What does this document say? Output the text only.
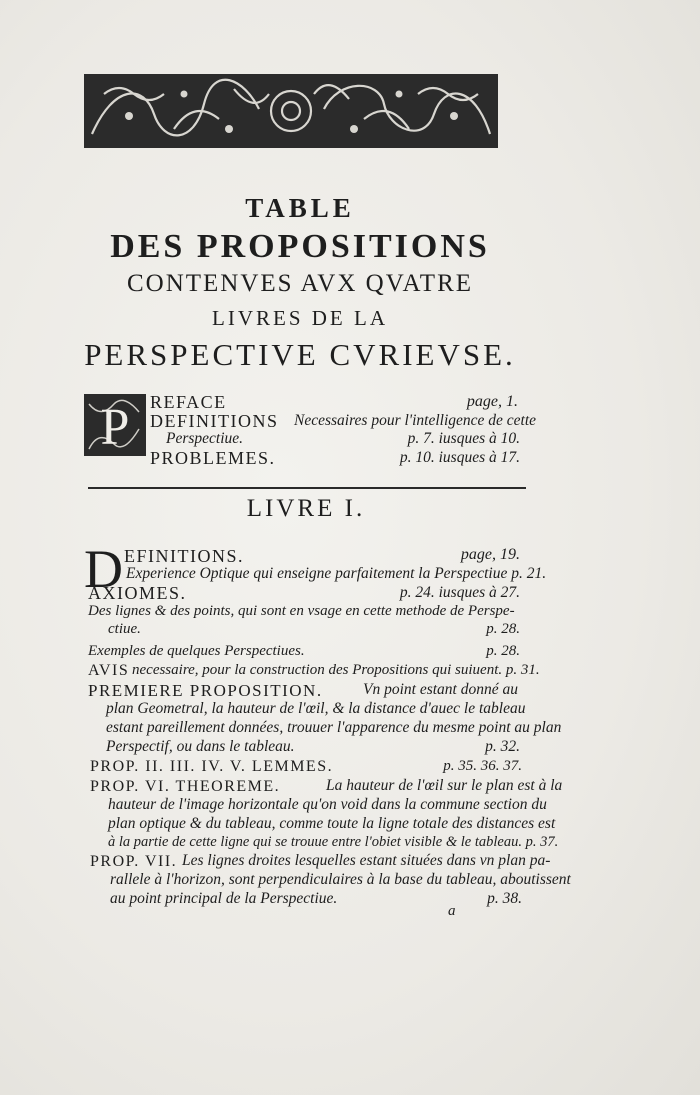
TABLE
DES PROPOSITIONS
CONTENVES AVX QVATRE
LIVRES DE LA
PERSPECTIVE CVRIEVSE.
P REFACE	page, 1.
DEFINITIONS Necessaires pour l'intelligence de cette
Perspectiue.	p. 7. iusques à 10.
PROBLEMES.	p. 10. iusques à 17.
LIVRE I.
D EFINITIONS.	page, 19.
Experience Optique qui enseigne parfaitement la Perspectiue p. 21.
AXIOMES.	p. 24. iusques à 27.
Des lignes & des points, qui sont en vsage en cette methode de Perspe-
ctiue.	p. 28.
Exemples de quelques Perspectiues.	p. 28.
AVIS necessaire, pour la construction des Propositions qui suiuent. p. 31.
PREMIERE PROPOSITION.	Vn point estant donné au
plan Geometral, la hauteur de l'œil, & la distance d'auec le tableau
estant pareillement données, trouuer l'apparence du mesme point au plan
Perspectif, ou dans le tableau.	p. 32.
PROP. II. III. IV. V. LEMMES.	p. 35. 36. 37.
PROP. VI. THEOREME.	La hauteur de l'œil sur le plan est à la
hauteur de l'image horizontale qu'on void dans la commune section du
plan optique & du tableau, comme toute la ligne totale des distances est
à la partie de cette ligne qui se trouue entre l'obiet visible & le tableau. p. 37.
PROP. VII. Les lignes droites lesquelles estant situées dans vn plan pa-
rallele à l'horizon, sont perpendiculaires à la base du tableau, aboutissent
au point principal de la Perspectiue.	p. 38.
a
